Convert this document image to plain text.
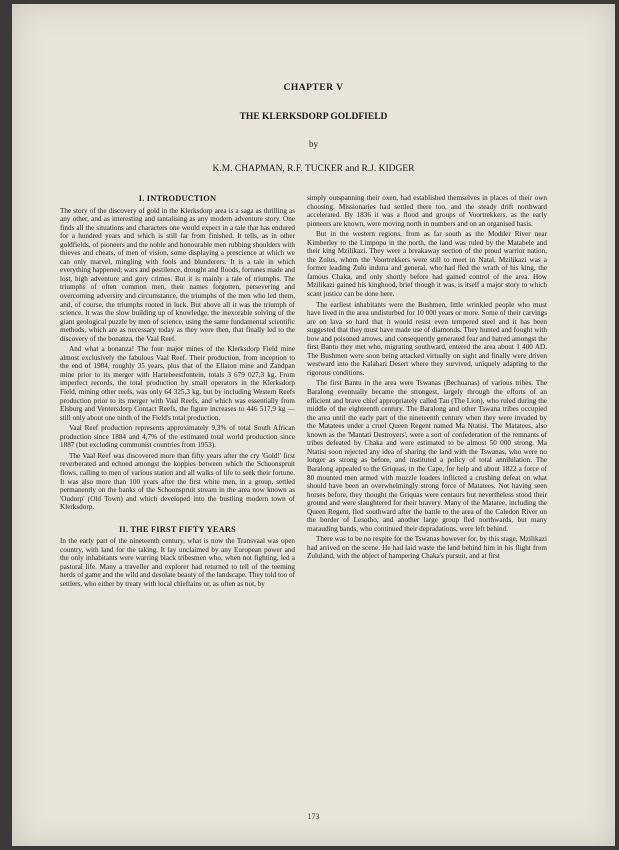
CHAPTER V
THE KLERKSDORP GOLDFIELD
by
K.M. CHAPMAN, R.F. TUCKER and R.J. KIDGER
I. INTRODUCTION

The story of the discovery of gold in the Klerksdorp area is a saga as thrilling as any other, and as interesting and tantalising as any modern adventure story. One finds all the situations and characters one would expect in a tale that has endured for a hundred years and which is still far from finished. It tells, as in other goldfields, of pioneers and the noble and honourable men rubbing shoulders with thieves and cheats, of men of vision, some displaying a prescience at which we can only marvel, mingling with fools and blunderers. It is a tale in which everything happened; wars and pestilence, drought and floods, fortunes made and lost, high adventure and gory crimes. But it is mainly a tale of triumphs. The triumphs of often common men, their names forgotten, persevering and overcoming adversity and circumstance, the triumphs of the men who led them, and, of course, the triumphs rooted in luck. But above all it was the triumph of science. It was the slow building up of knowledge, the inexorable solving of the giant geological puzzle by men of science, using the same fundamental scientific methods, which are as necessary today as they were then, that finally led to the discovery of the bonanza, the Vaal Reef.

And what a bonanza! The four major mines of the Klerksdorp Field mine almost exclusively the fabulous Vaal Reef. Their production, from inception to the end of 1984, roughly 35 years, plus that of the Ellaton mine and Zandpan mine prior to its merger with Hartebeestfontein, totals 3 679 027,3 kg. From imperfect records, the total production by small operators in the Klerksdorp Field, mining other reefs, was only 64 325,3 kg, but by including Western Reefs production prior to its merger with Vaal Reefs, and which was essentially from Elsburg and Ventersdorp Contact Reefs, the figure increases to 446 517,9 kg — still only about one ninth of the Field's total production.

Vaal Reef production represents approximately 9,3% of total South African production since 1884 and 4,7% of the estimated total world production since 1887 (but excluding communist countries from 1953).

The Vaal Reef was discovered more than fifty years after the cry 'Gold!' first reverberated and echoed amongst the koppies between which the Schoonspruit flows, calling to men of various station and all walks of life to seek their fortune. It was also more than 100 years after the first white men, in a group, settled permanently on the banks of the Schoonspruit stream in the area now known as 'Oudorp' (Old Town) and which developed into the bustling modern town of Klerksdorp.

II. THE FIRST FIFTY YEARS

In the early part of the nineteenth century, what is now the Transvaal was open country, with land for the taking. It lay unclaimed by any European power and the only inhabitants were warring black tribesmen who, when not fighting, led a pastoral life. Many a traveller and explorer had returned to tell of the teeming herds of game and the wild and desolate beauty of the landscape. They told too of settlers, who either by treaty with local chieftains or, as often as not, by

simply outspanning their oxen, had established themselves in places of their own choosing. Missionaries had settled there too, and the steady drift northward accelerated. By 1836 it was a flood and groups of Voortrekkers, as the early pioneers are known, were moving north in numbers and on an organised basis.

But in the western regions, from as far south as the Modder River near Kimberley to the Limpopo in the north, the land was ruled by the Matabele and their king Mzilikazi. They were a breakaway section of the proud warrior nation, the Zulus, whom the Voortrekkers were still to meet in Natal. Mzilikazi was a former leading Zulu induna and general, who had fled the wrath of his king, the famous Chaka, and only shortly before had gained control of the area. How Mzilikazi gained his kinghood, brief though it was, is itself a major story to which scant justice can be done here.

The earliest inhabitants were the Bushmen, little wrinkled people who must have lived in the area undisturbed for 10 000 years or more. Some of their carvings are on lava so hard that it would resist even tempered steel and it has been suggested that they must have made use of diamonds. They hunted and fought with bow and poisoned arrows, and consequently generated fear and hatred amongst the first Bantu they met who, migrating southward, entered the area about 1 400 AD. The Bushmen were soon being attacked virtually on sight and finally were driven westward into the Kalahari Desert where they survived, uniquely adapting to the rigorous conditions.

The first Bantu in the area were Tswanas (Bechuanas) of various tribes. The Baralong eventually became the strongest, largely through the efforts of an efficient and brave chief appropriately called Tau (The Lion), who ruled during the middle of the eighteenth century. The Baralong and other Tswana tribes occupied the area until the early part of the nineteenth century when they were invaded by the Matatees under a cruel Queen Regent named Ma Ntatisi. The Matatees, also known as the 'Mantati Destroyers', were a sort of confederation of the remnants of tribes defeated by Chaka and were estimated to be almost 50 000 strong. Ma Ntatisi soon rejected any idea of sharing the land with the Tswanas, who were no longer as strong as before, and instituted a policy of total annihilation. The Baralong appealed to the Griquas, in the Cape, for help and about 1822 a force of 80 mounted men armed with muzzle loaders inflicted a crushing defeat on what should have been an overwhelmingly strong force of Matatees. Not having seen horses before, they thought the Griquas were centaurs but nevertheless stood their ground and were slaughtered for their bravery. Many of the Matatee, including the Queen Regent, fled southward after the battle to the area of the Caledon River on the border of Lesotho, and another large group fled northwards, but many marauding bands, who continued their depradations, were left behind.

There was to be no respite for the Tswanas however for, by this stage, Mzilikazi had arrived on the scene. He had laid waste the land behind him in his flight from Zululand, with the object of hampering Chaka's pursuit, and at first

173
